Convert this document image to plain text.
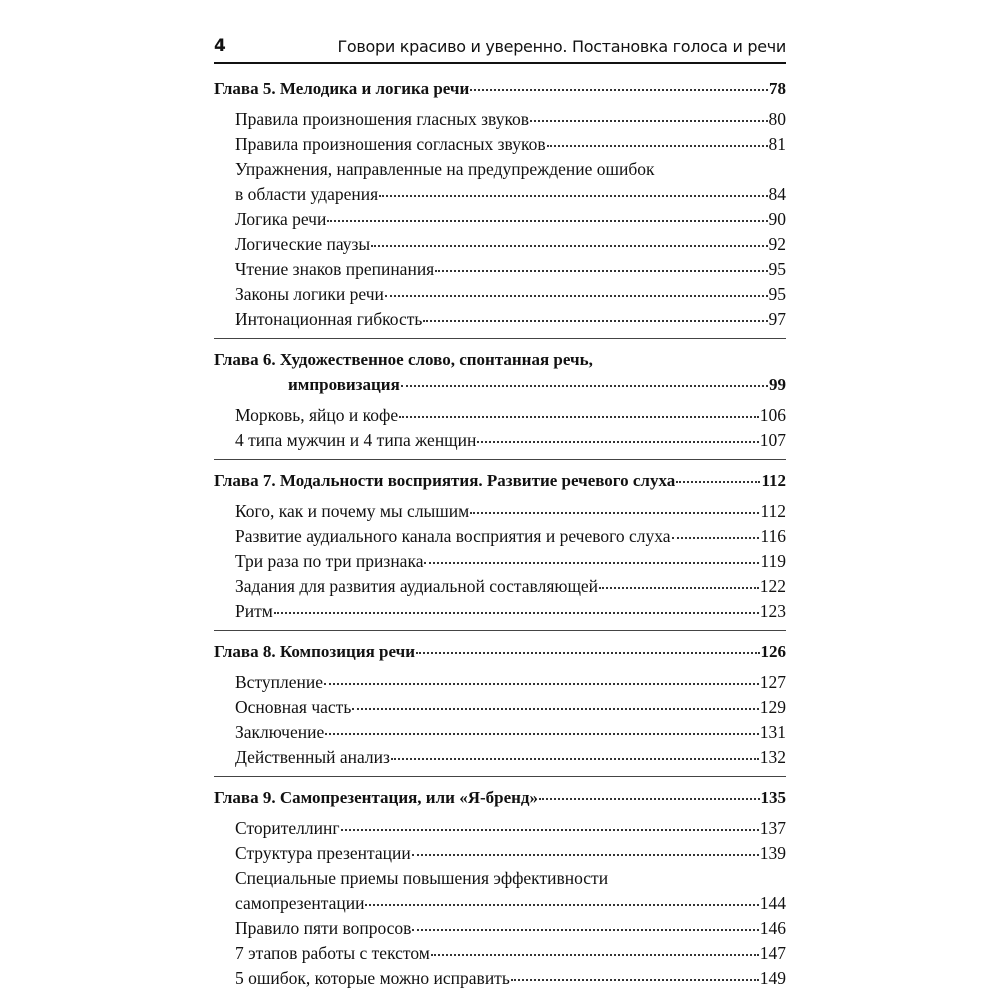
4	Говори красиво и уверенно. Постановка голоса и речи
Глава 5. Мелодика и логика речи	78
Правила произношения гласных звуков	80
Правила произношения согласных звуков	81
Упражнения, направленные на предупреждение ошибок
в области ударения	84
Логика речи	90
Логические паузы	92
Чтение знаков препинания	95
Законы логики речи	95
Интонационная гибкость	97
Глава 6. Художественное слово, спонтанная речь,
импровизация	99
Морковь, яйцо и кофе	106
4 типа мужчин и 4 типа женщин	107
Глава 7. Модальности восприятия. Развитие речевого слуха	112
Кого, как и почему мы слышим	112
Развитие аудиального канала восприятия и речевого слуха	116
Три раза по три признака	119
Задания для развития аудиальной составляющей	122
Ритм	123
Глава 8. Композиция речи	126
Вступление	127
Основная часть	129
Заключение	131
Действенный анализ	132
Глава 9. Самопрезентация, или «Я-бренд»	135
Сторителлинг	137
Структура презентации	139
Специальные приемы повышения эффективности
самопрезентации	144
Правило пяти вопросов	146
7 этапов работы с текстом	147
5 ошибок, которые можно исправить	149
